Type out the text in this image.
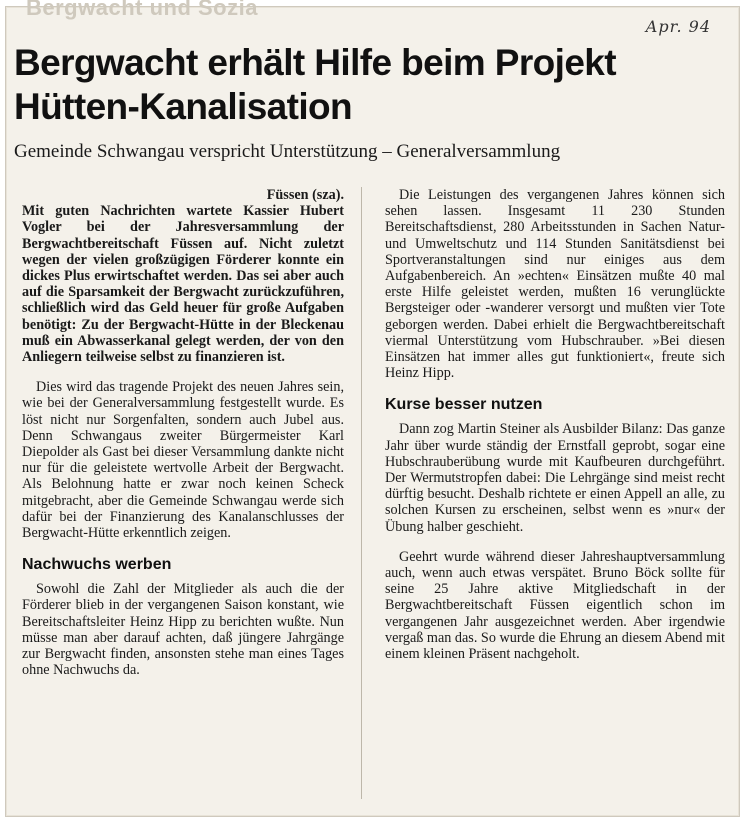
Bergwacht und Sozia
Apr. 94
Bergwacht erhält Hilfe beim Projekt Hütten-Kanalisation
Gemeinde Schwangau verspricht Unterstützung – Generalversammlung

Füssen (sza).

Mit guten Nachrichten wartete Kassier Hubert Vogler bei der Jahresversammlung der Bergwachtbereitschaft Füssen auf. Nicht zuletzt wegen der vielen großzügigen Förderer konnte ein dickes Plus erwirtschaftet werden. Das sei aber auch auf die Sparsamkeit der Bergwacht zurückzuführen, schließlich wird das Geld heuer für große Aufgaben benötigt: Zu der Bergwacht-Hütte in der Bleckenau muß ein Abwasserkanal gelegt werden, der von den Anliegern teilweise selbst zu finanzieren ist.

Dies wird das tragende Projekt des neuen Jahres sein, wie bei der Generalversammlung festgestellt wurde. Es löst nicht nur Sorgenfalten, sondern auch Jubel aus. Denn Schwangaus zweiter Bürgermeister Karl Diepolder als Gast bei dieser Versammlung dankte nicht nur für die geleistete wertvolle Arbeit der Bergwacht. Als Belohnung hatte er zwar noch keinen Scheck mitgebracht, aber die Gemeinde Schwangau werde sich dafür bei der Finanzierung des Kanalanschlusses der Bergwacht-Hütte erkenntlich zeigen.

Nachwuchs werben

Sowohl die Zahl der Mitglieder als auch die der Förderer blieb in der vergangenen Saison konstant, wie Bereitschaftsleiter Heinz Hipp zu berichten wußte. Nun müsse man aber darauf achten, daß jüngere Jahrgänge zur Bergwacht finden, ansonsten stehe man eines Tages ohne Nachwuchs da.

Die Leistungen des vergangenen Jahres können sich sehen lassen. Insgesamt 11 230 Stunden Bereitschaftsdienst, 280 Arbeitsstunden in Sachen Natur- und Umweltschutz und 114 Stunden Sanitätsdienst bei Sportveranstaltungen sind nur einiges aus dem Aufgabenbereich. An »echten« Einsätzen mußte 40 mal erste Hilfe geleistet werden, mußten 16 verunglückte Bergsteiger oder -wanderer versorgt und mußten vier Tote geborgen werden. Dabei erhielt die Bergwachtbereitschaft viermal Unterstützung vom Hubschrauber. »Bei diesen Einsätzen hat immer alles gut funktioniert«, freute sich Heinz Hipp.

Kurse besser nutzen

Dann zog Martin Steiner als Ausbilder Bilanz: Das ganze Jahr über wurde ständig der Ernstfall geprobt, sogar eine Hubschrauberübung wurde mit Kaufbeuren durchgeführt. Der Wermutstropfen dabei: Die Lehrgänge sind meist recht dürftig besucht. Deshalb richtete er einen Appell an alle, zu solchen Kursen zu erscheinen, selbst wenn es »nur« der Übung halber geschieht.

Geehrt wurde während dieser Jahreshauptversammlung auch, wenn auch etwas verspätet. Bruno Böck sollte für seine 25 Jahre aktive Mitgliedschaft in der Bergwachtbereitschaft Füssen eigentlich schon im vergangenen Jahr ausgezeichnet werden. Aber irgendwie vergaß man das. So wurde die Ehrung an diesem Abend mit einem kleinen Präsent nachgeholt.
